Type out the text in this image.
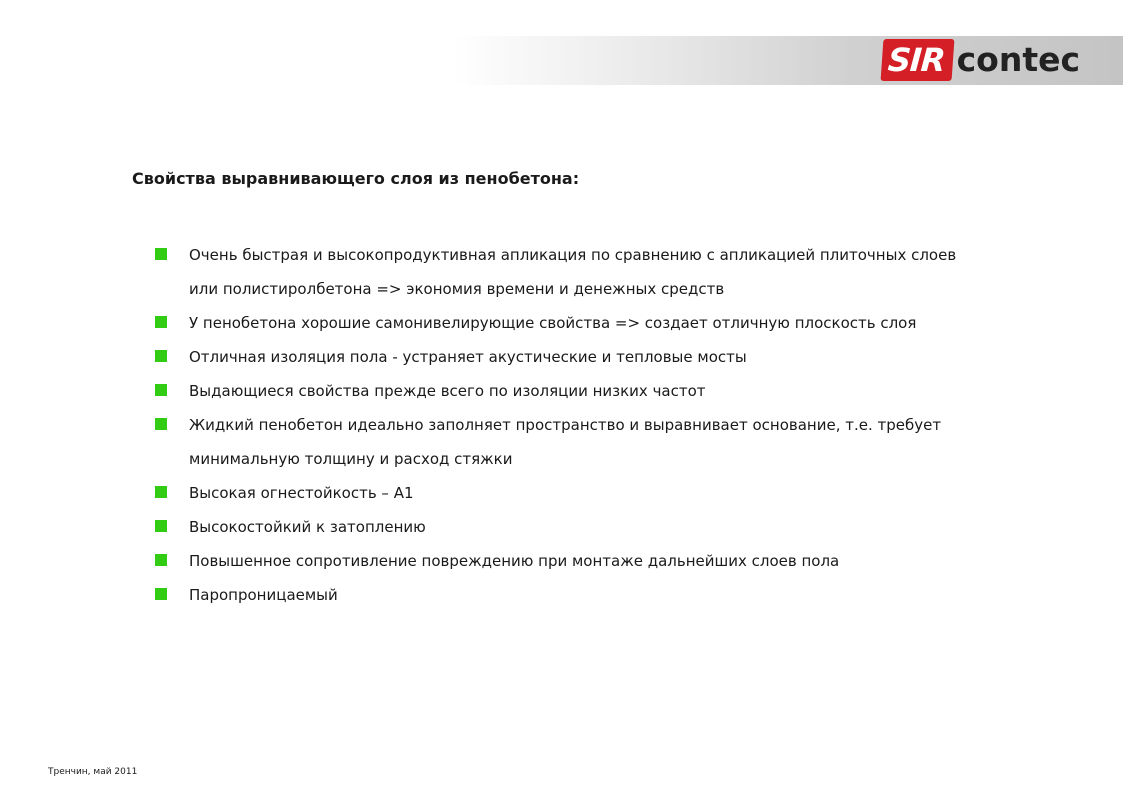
SIR contec
Свойства выравнивающего слоя из пенобетона:
Очень быстрая и высокопродуктивная апликация по сравнению с апликацией плиточных слоев или полистиролбетона => экономия времени и денежных средств
У пенобетона хорошие самонивелирующие свойства => создает отличную плоскость слоя
Отличная изоляция пола - устраняет акустические и тепловые мосты
Выдающиеся свойства прежде всего по изоляции низких частот
Жидкий пенобетон идеально заполняет пространство и выравнивает основание, т.е. требует минимальную толщину и расход стяжки
Высокая огнестойкость – A1
Высокостойкий к затоплению
Повышенное сопротивление повреждению при монтаже дальнейших слоев пола
Паропроницаемый
Тренчин, май 2011
